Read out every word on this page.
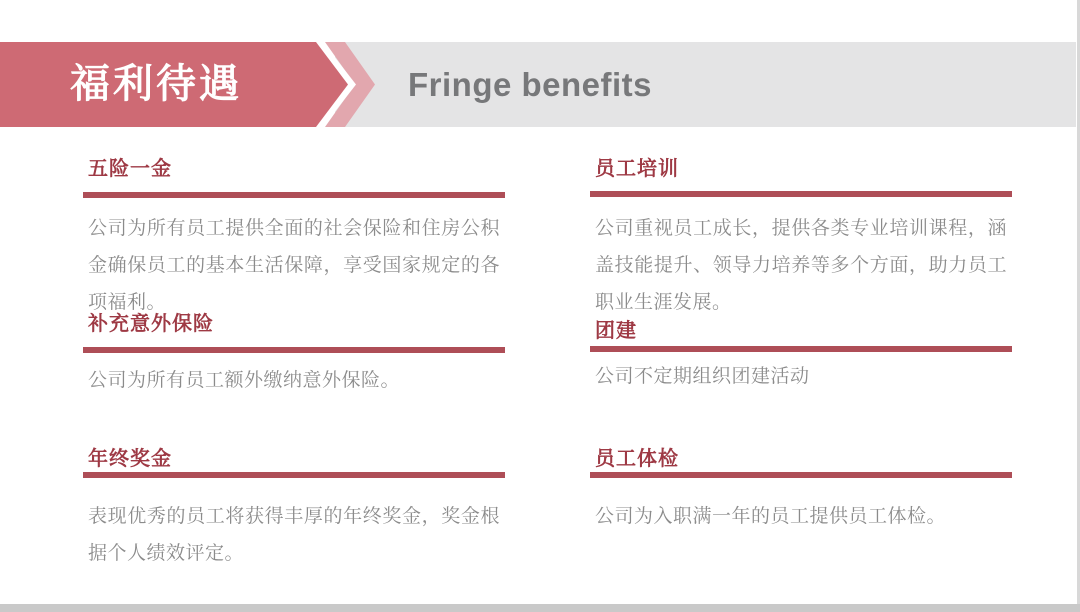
福利待遇	Fringe benefits
五险一金
公司为所有员工提供全面的社会保险和住房公积金确保员工的基本生活保障，享受国家规定的各项福利。
补充意外保险
公司为所有员工额外缴纳意外保险。
年终奖金
表现优秀的员工将获得丰厚的年终奖金，奖金根据个人绩效评定。
员工培训
公司重视员工成长，提供各类专业培训课程，涵盖技能提升、领导力培养等多个方面，助力员工职业生涯发展。
团建
公司不定期组织团建活动
员工体检
公司为入职满一年的员工提供员工体检。
